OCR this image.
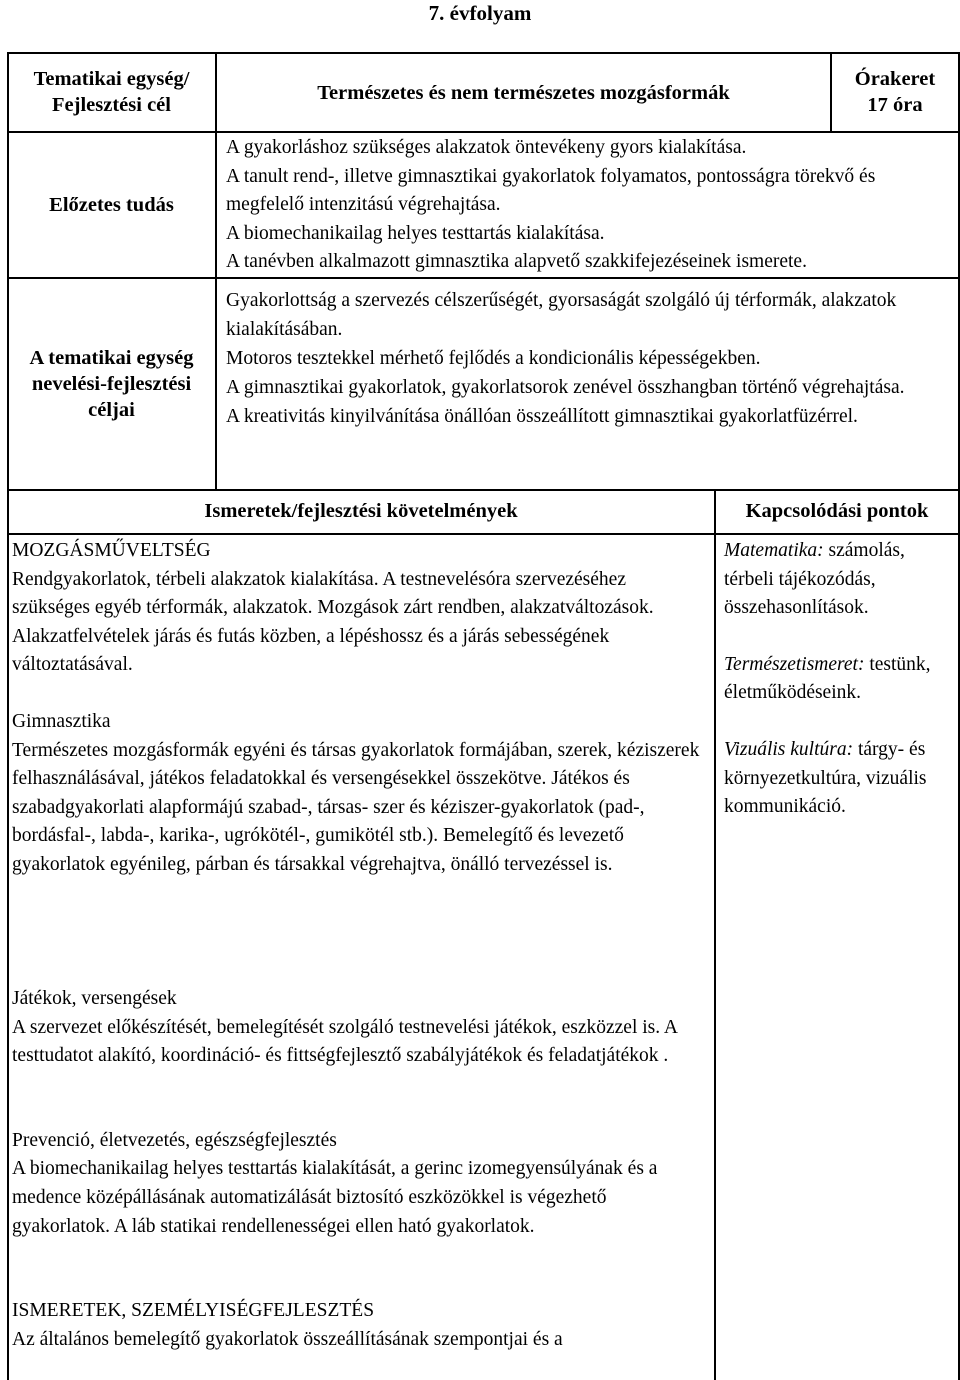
7. évfolyam
Tematikai egység/ Fejlesztési cél
Természetes és nem természetes mozgásformák
Órakeret
17 óra
Előzetes tudás
A gyakorláshoz szükséges alakzatok öntevékeny gyors kialakítása.
A tanult rend-, illetve gimnasztikai gyakorlatok folyamatos, pontosságra törekvő és megfelelő intenzitású végrehajtása.
A biomechanikailag helyes testtartás kialakítása.
A tanévben alkalmazott gimnasztika alapvető szakkifejezéseinek ismerete.
A tematikai egység nevelési-fejlesztési céljai
Gyakorlottság a szervezés célszerűségét, gyorsaságát szolgáló új térformák, alakzatok kialakításában.
Motoros tesztekkel mérhető fejlődés a kondicionális képességekben.
A gimnasztikai gyakorlatok, gyakorlatsorok zenével összhangban történő végrehajtása.
A kreativitás kinyilvánítása önállóan összeállított gimnasztikai gyakorlatfüzérrel.
Ismeretek/fejlesztési követelmények	Kapcsolódási pontok
MOZGÁSMŰVELTSÉG
Rendgyakorlatok, térbeli alakzatok kialakítása. A testnevelésóra szervezéséhez szükséges egyéb térformák, alakzatok. Mozgások zárt rendben, alakzatváltozások. Alakzatfelvételek járás és futás közben, a lépéshossz és a járás sebességének változtatásával.
Gimnasztika
Természetes mozgásformák egyéni és társas gyakorlatok formájában, szerek, kéziszerek felhasználásával, játékos feladatokkal és versengésekkel összekötve. Játékos és szabadgyakorlati alapformájú szabad-, társas- szer és kéziszer-gyakorlatok (pad-, bordásfal-, labda-, karika-, ugrókötél-, gumikötél stb.). Bemelegítő és levezető gyakorlatok egyénileg, párban és társakkal végrehajtva, önálló tervezéssel is.
Játékok, versengések
A szervezet előkészítését, bemelegítését szolgáló testnevelési játékok, eszközzel is. A testtudatot alakító, koordináció- és fittségfejlesztő szabályjátékok és feladatjátékok .
Prevenció, életvezetés, egészségfejlesztés
A biomechanikailag helyes testtartás kialakítását, a gerinc izomegyensúlyának és a medence középállásának automatizálását biztosító eszközökkel is végezhető gyakorlatok. A láb statikai rendellenességei ellen ható gyakorlatok.
ISMERETEK, SZEMÉLYISÉGFEJLESZTÉS
Az általános bemelegítő gyakorlatok összeállításának szempontjai és a
Matematika: számolás, térbeli tájékozódás, összehasonlítások.
Természetismeret: testünk, életműködéseink.
Vizuális kultúra: tárgy- és környezetkultúra, vizuális kommunikáció.
